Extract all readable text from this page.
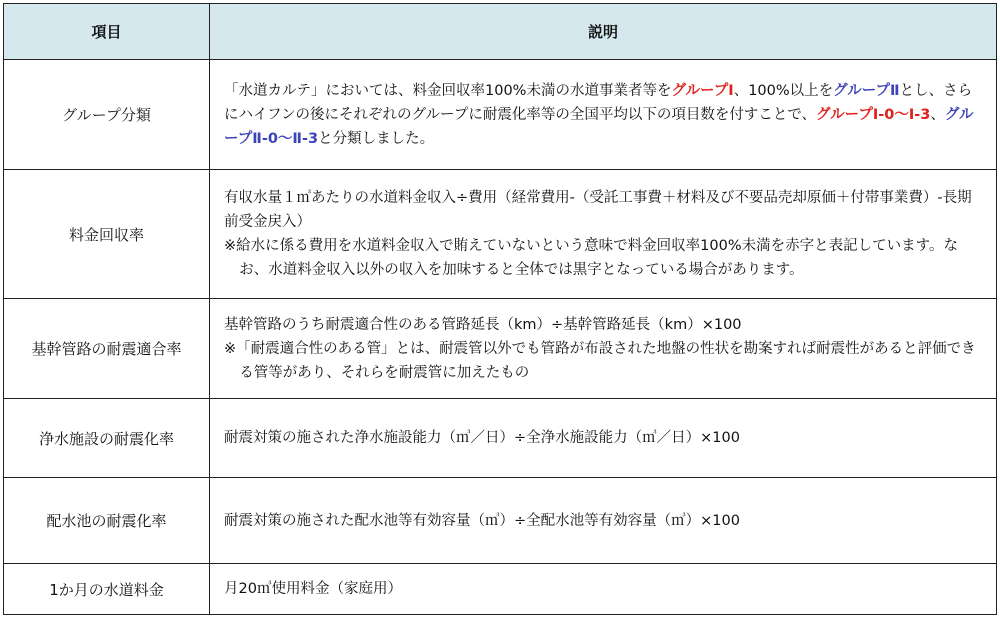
項目	説明
グループ分類	「水道カルテ」においては、料金回収率100%未満の水道事業者等をグループⅠ、100%以上をグループⅡとし、さらにハイフンの後にそれぞれのグループに耐震化率等の全国平均以下の項目数を付すことで、グループⅠ-0～Ⅰ-3、グループⅡ-0～Ⅱ-3と分類しました。
料金回収率	有収水量１㎥あたりの水道料金収入÷費用（経常費用-（受託工事費＋材料及び不要品売却原価＋付帯事業費）-長期前受金戻入）
※給水に係る費用を水道料金収入で賄えていないという意味で料金回収率100%未満を赤字と表記しています。なお、水道料金収入以外の収入を加味すると全体では黒字となっている場合があります。

基幹管路の耐震適合率	基幹管路のうち耐震適合性のある管路延長（km）÷基幹管路延長（km）×100
※「耐震適合性のある管」とは、耐震管以外でも管路が布設された地盤の性状を勘案すれば耐震性があると評価できる管等があり、それらを耐震管に加えたもの

浄水施設の耐震化率	耐震対策の施された浄水施設能力（㎥／日）÷全浄水施設能力（㎥／日）×100
配水池の耐震化率	耐震対策の施された配水池等有効容量（㎥）÷全配水池等有効容量（㎥）×100
1か月の水道料金	月20㎥使用料金（家庭用）
